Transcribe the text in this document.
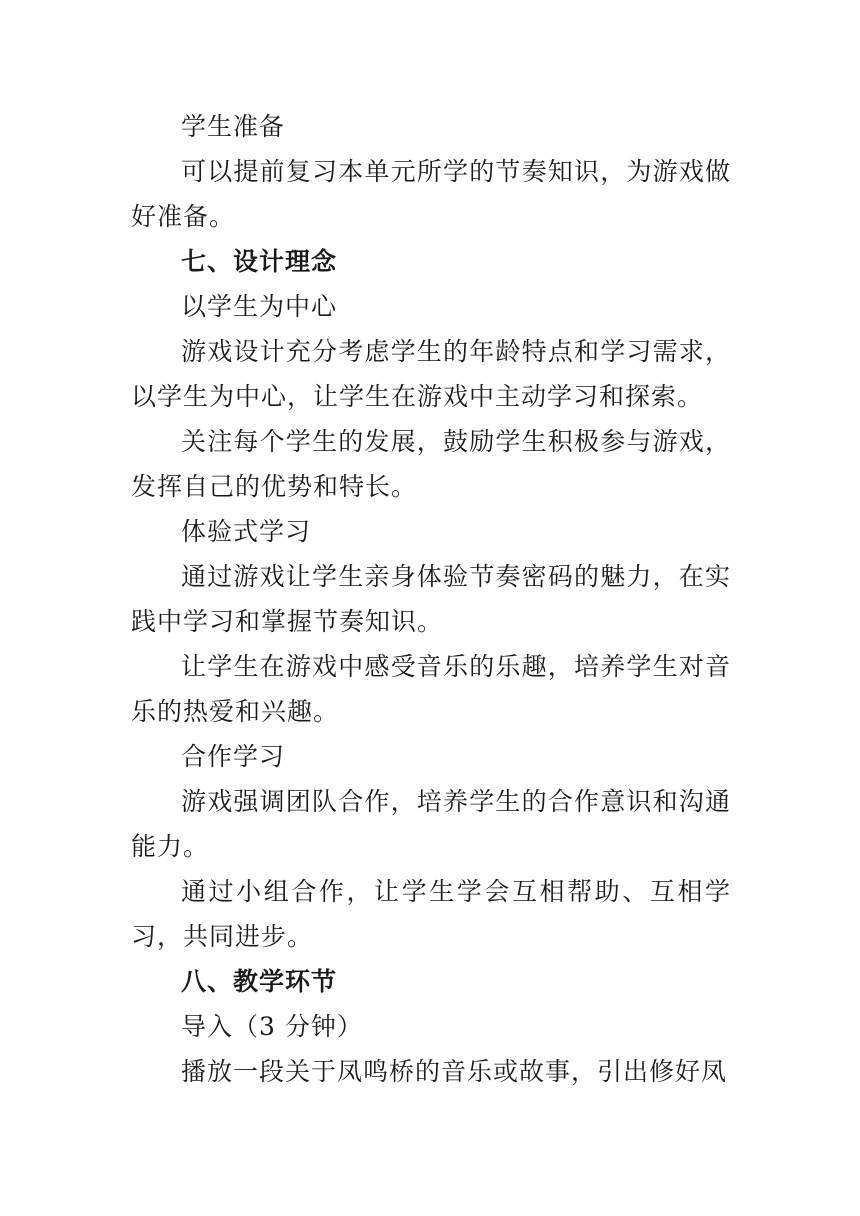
学生准备

可以提前复习本单元所学的节奏知识，为游戏做好准备。

七、设计理念

以学生为中心

游戏设计充分考虑学生的年龄特点和学习需求，以学生为中心，让学生在游戏中主动学习和探索。

关注每个学生的发展，鼓励学生积极参与游戏，发挥自己的优势和特长。

体验式学习

通过游戏让学生亲身体验节奏密码的魅力，在实践中学习和掌握节奏知识。

让学生在游戏中感受音乐的乐趣，培养学生对音乐的热爱和兴趣。

合作学习

游戏强调团队合作，培养学生的合作意识和沟通能力。

通过小组合作，让学生学会互相帮助、互相学习，共同进步。

八、教学环节

导入（3 分钟）

播放一段关于凤鸣桥的音乐或故事，引出修好凤
